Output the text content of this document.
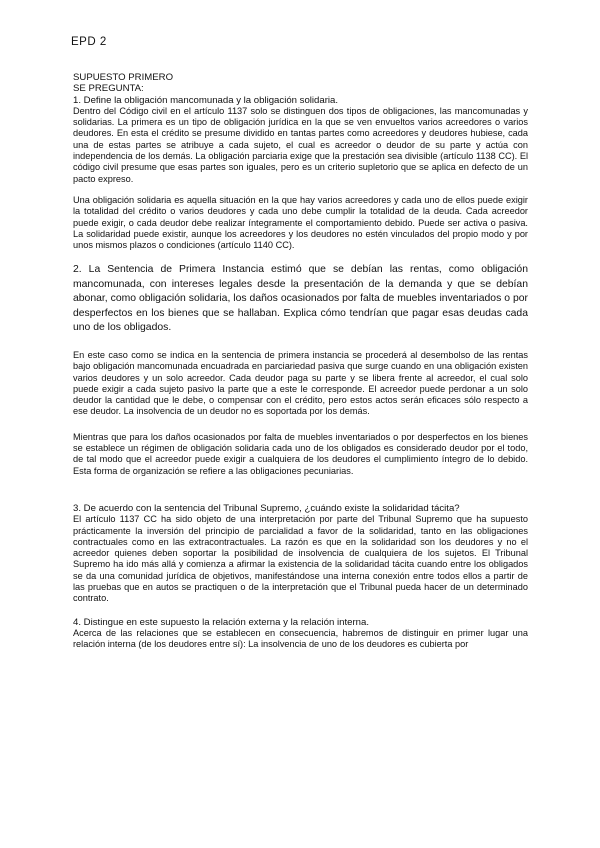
EPD 2

SUPUESTO PRIMERO

SE PREGUNTA:

1. Define la obligación mancomunada y la obligación solidaria.

Dentro del Código civil en el artículo 1137 solo se distinguen dos tipos de obligaciones, las mancomunadas y solidarias. La primera es un tipo de obligación jurídica en la que se ven envueltos varios acreedores o varios deudores. En esta el crédito se presume dividido en tantas partes como acreedores y deudores hubiese, cada una de estas partes se atribuye a cada sujeto, el cual es acreedor o deudor de su parte y actúa con independencia de los demás. La obligación parciaria exige que la prestación sea divisible (artículo 1138 CC). El código civil presume que esas partes son iguales, pero es un criterio supletorio que se aplica en defecto de un pacto expreso.

Una obligación solidaria es aquella situación en la que hay varios acreedores y cada uno de ellos puede exigir la totalidad del crédito o varios deudores y cada uno debe cumplir la totalidad de la deuda. Cada acreedor puede exigir, o cada deudor debe realizar íntegramente el comportamiento debido. Puede ser activa o pasiva. La solidaridad puede existir, aunque los acreedores y los deudores no estén vinculados del propio modo y por unos mismos plazos o condiciones (artículo 1140 CC).

2. La Sentencia de Primera Instancia estimó que se debían las rentas, como obligación mancomunada, con intereses legales desde la presentación de la demanda y que se debían abonar, como obligación solidaria, los daños ocasionados por falta de muebles inventariados o por desperfectos en los bienes que se hallaban. Explica cómo tendrían que pagar esas deudas cada uno de los obligados.

En este caso como se indica en la sentencia de primera instancia se procederá al desembolso de las rentas bajo obligación mancomunada encuadrada en parciariedad pasiva que surge cuando en una obligación existen varios deudores y un solo acreedor. Cada deudor paga su parte y se libera frente al acreedor, el cual solo puede exigir a cada sujeto pasivo la parte que a este le corresponde. El acreedor puede perdonar a un solo deudor la cantidad que le debe, o compensar con el crédito, pero estos actos serán eficaces sólo respecto a ese deudor. La insolvencia de un deudor no es soportada por los demás.

Mientras que para los daños ocasionados por falta de muebles inventariados o por desperfectos en los bienes se establece un régimen de obligación solidaria cada uno de los obligados es considerado deudor por el todo, de tal modo que el acreedor puede exigir a cualquiera de los deudores el cumplimiento íntegro de lo debido. Esta forma de organización se refiere a las obligaciones pecuniarias.

3. De acuerdo con la sentencia del Tribunal Supremo, ¿cuándo existe la solidaridad tácita?

El artículo 1137 CC ha sido objeto de una interpretación por parte del Tribunal Supremo que ha supuesto prácticamente la inversión del principio de parcialidad a favor de la solidaridad, tanto en las obligaciones contractuales como en las extracontractuales. La razón es que en la solidaridad son los deudores y no el acreedor quienes deben soportar la posibilidad de insolvencia de cualquiera de los sujetos. El Tribunal Supremo ha ido más allá y comienza a afirmar la existencia de la solidaridad tácita cuando entre los obligados se da una comunidad jurídica de objetivos, manifestándose una interna conexión entre todos ellos a partir de las pruebas que en autos se practiquen o de la interpretación que el Tribunal pueda hacer de un determinado contrato.

4. Distingue en este supuesto la relación externa y la relación interna.

Acerca de las relaciones que se establecen en consecuencia, habremos de distinguir en primer lugar una relación interna (de los deudores entre sí): La insolvencia de uno de los deudores es cubierta por
